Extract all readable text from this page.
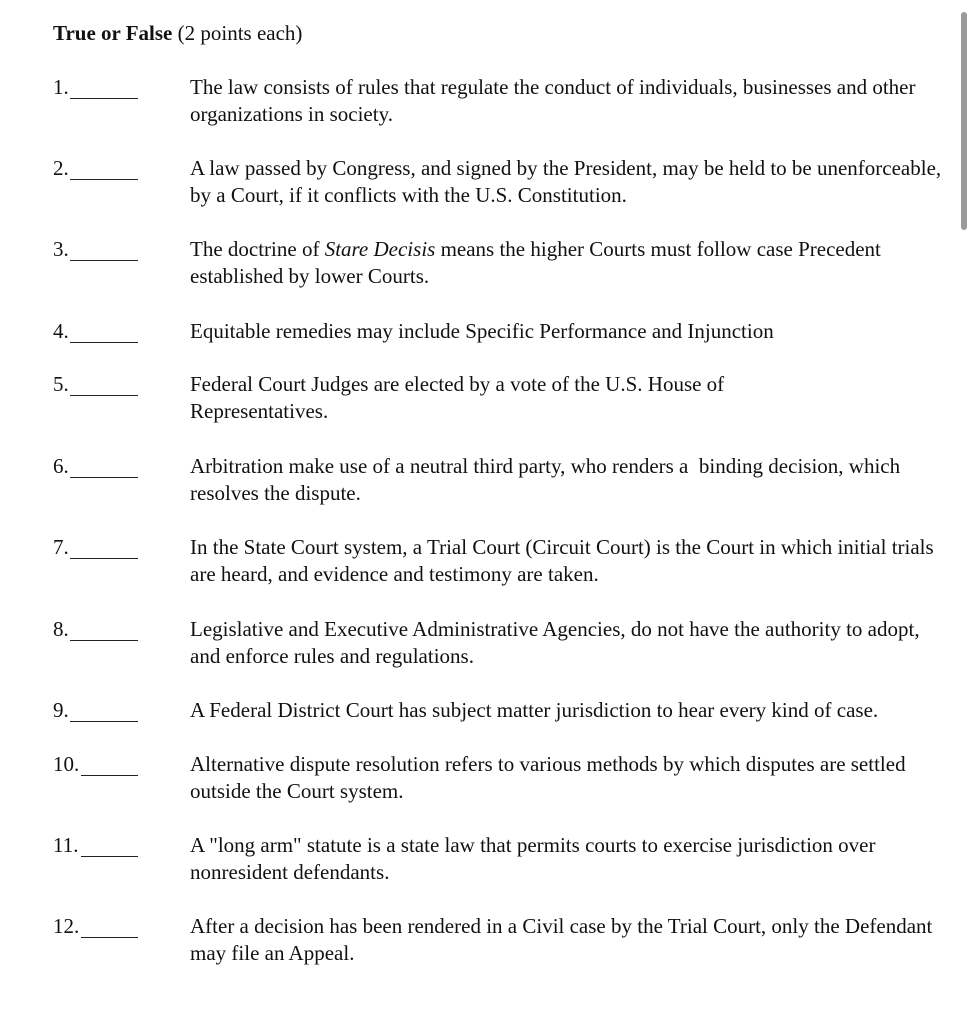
True or False (2 points each)
1.	The law consists of rules that regulate the conduct of individuals, businesses and other organizations in society.
2.	A law passed by Congress, and signed by the President, may be held to be unenforceable, by a Court, if it conflicts with the U.S. Constitution.
3.	The doctrine of Stare Decisis means the higher Courts must follow case Precedent established by lower Courts.
4.	Equitable remedies may include Specific Performance and Injunction
5.	Federal Court Judges are elected by a vote of the U.S. House of Representatives.
6.	Arbitration make use of a neutral third party, who renders a  binding decision, which resolves the dispute.
7.	In the State Court system, a Trial Court (Circuit Court) is the Court in which initial trials are heard, and evidence and testimony are taken.
8.	Legislative and Executive Administrative Agencies, do not have the authority to adopt, and enforce rules and regulations.
9.	A Federal District Court has subject matter jurisdiction to hear every kind of case.
10.	Alternative dispute resolution refers to various methods by which disputes are settled outside the Court system.
11.	A "long arm" statute is a state law that permits courts to exercise jurisdiction over nonresident defendants.
12.	After a decision has been rendered in a Civil case by the Trial Court, only the Defendant may file an Appeal.
